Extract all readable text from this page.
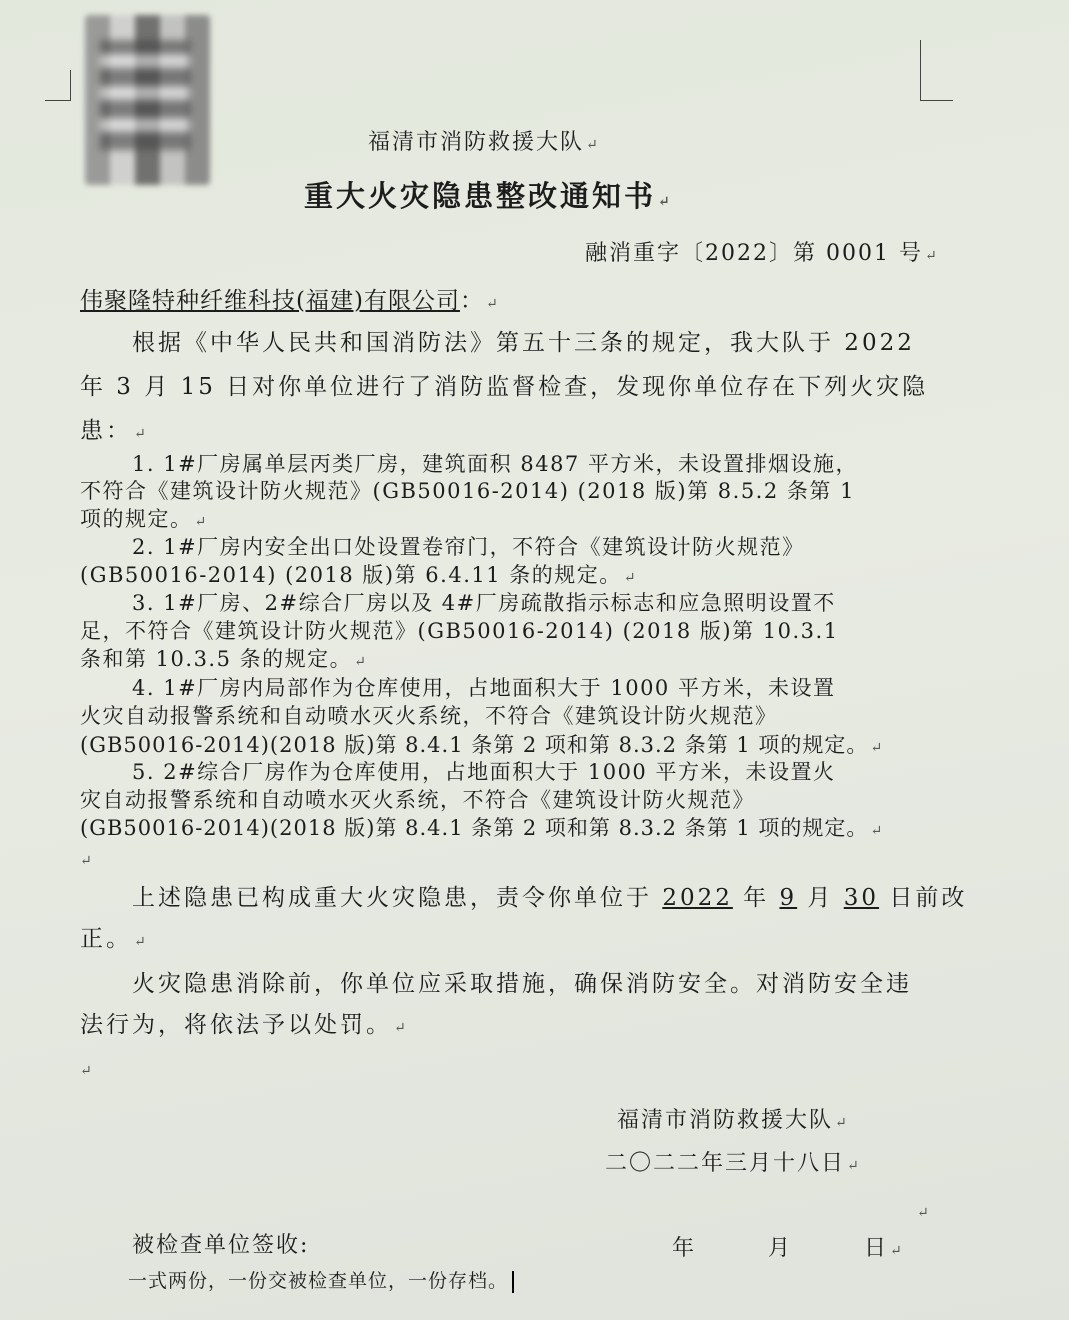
福清市消防救援大队 ↵
重大火灾隐患整改通知书 ↵
融消重字〔2022〕第 0001 号 ↵
伟聚隆特种纤维科技(福建)有限公司： ↵
根据《中华人民共和国消防法》第五十三条的规定，我大队于 2022
年 3 月 15 日对你单位进行了消防监督检查，发现你单位存在下列火灾隐
患： ↵
1. 1#厂房属单层丙类厂房，建筑面积 8487 平方米，未设置排烟设施，
不符合《建筑设计防火规范》(GB50016-2014) (2018 版)第 8.5.2 条第 1
项的规定。 ↵
2. 1#厂房内安全出口处设置卷帘门，不符合《建筑设计防火规范》
(GB50016-2014) (2018 版)第 6.4.11 条的规定。 ↵
3. 1#厂房、2#综合厂房以及 4#厂房疏散指示标志和应急照明设置不
足，不符合《建筑设计防火规范》(GB50016-2014) (2018 版)第 10.3.1
条和第 10.3.5 条的规定。 ↵
4. 1#厂房内局部作为仓库使用，占地面积大于 1000 平方米，未设置
火灾自动报警系统和自动喷水灭火系统，不符合《建筑设计防火规范》
(GB50016-2014)(2018 版)第 8.4.1 条第 2 项和第 8.3.2 条第 1 项的规定。 ↵
5. 2#综合厂房作为仓库使用，占地面积大于 1000 平方米，未设置火
灾自动报警系统和自动喷水灭火系统，不符合《建筑设计防火规范》
(GB50016-2014)(2018 版)第 8.4.1 条第 2 项和第 8.3.2 条第 1 项的规定。 ↵
↵
上述隐患已构成重大火灾隐患，责令你单位于 2022 年 9 月 30 日前改
正。 ↵
火灾隐患消除前，你单位应采取措施，确保消防安全。对消防安全违
法行为，将依法予以处罚。 ↵
↵
福清市消防救援大队 ↵
二〇二二年三月十八日 ↵
↵
被检查单位签收:	年　　　月　　　日 ↵
一式两份，一份交被检查单位，一份存档。
